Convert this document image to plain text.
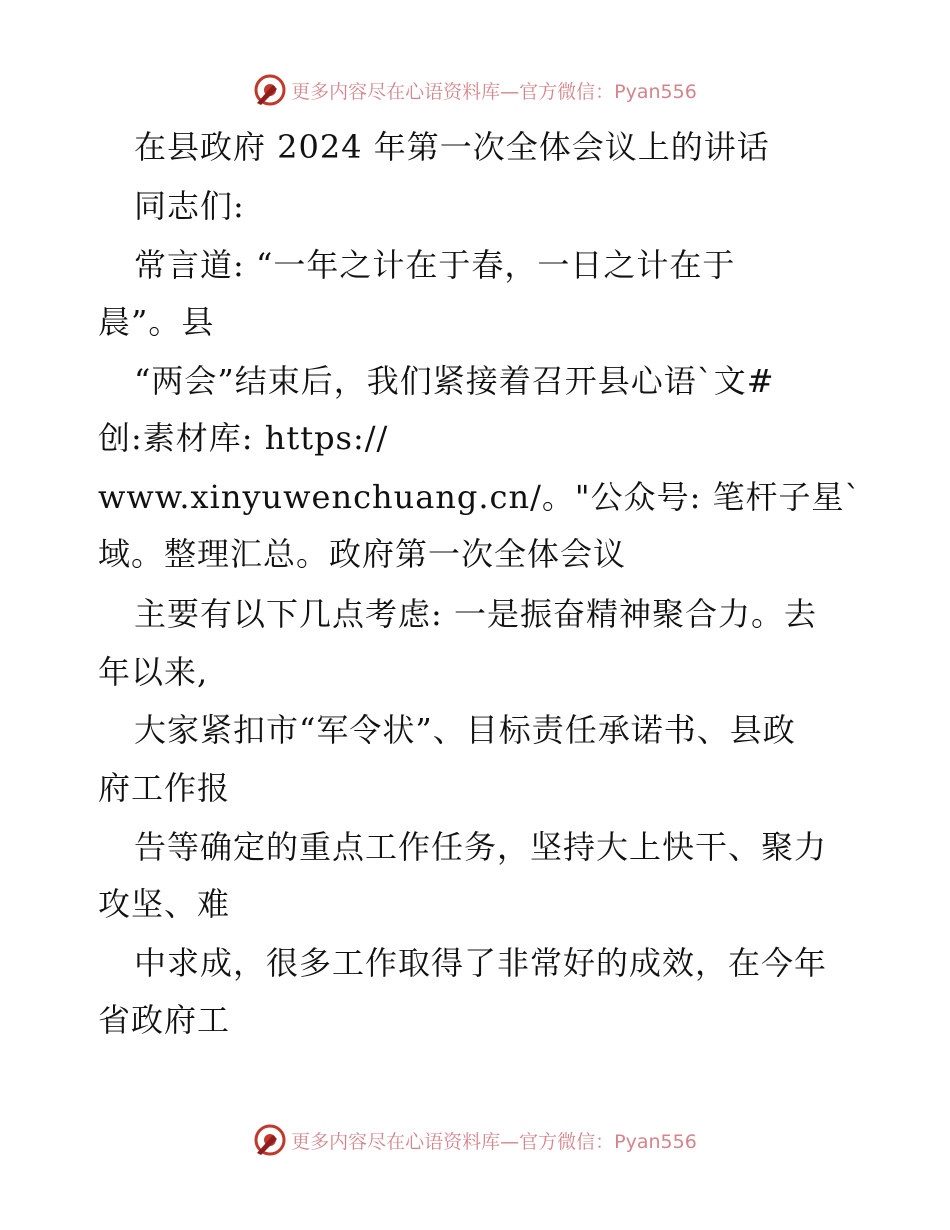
更多内容尽在心语资料库—官方微信：Pyan556
在县政府 2024 年第一次全体会议上的讲话
同志们:
常言道: “一年之计在于春，一日之计在于
晨”。县
“两会”结束后，我们紧接着召开县心语`文#
创:素材库: https://
www.xinyuwenchuang.cn/。"公众号: 笔杆子星`
域。整理汇总。政府第一次全体会议
主要有以下几点考虑: 一是振奋精神聚合力。去
年以来,
大家紧扣市“军令状”、目标责任承诺书、县政
府工作报
告等确定的重点工作任务，坚持大上快干、聚力
攻坚、难
中求成，很多工作取得了非常好的成效，在今年
省政府工
更多内容尽在心语资料库—官方微信：Pyan556
